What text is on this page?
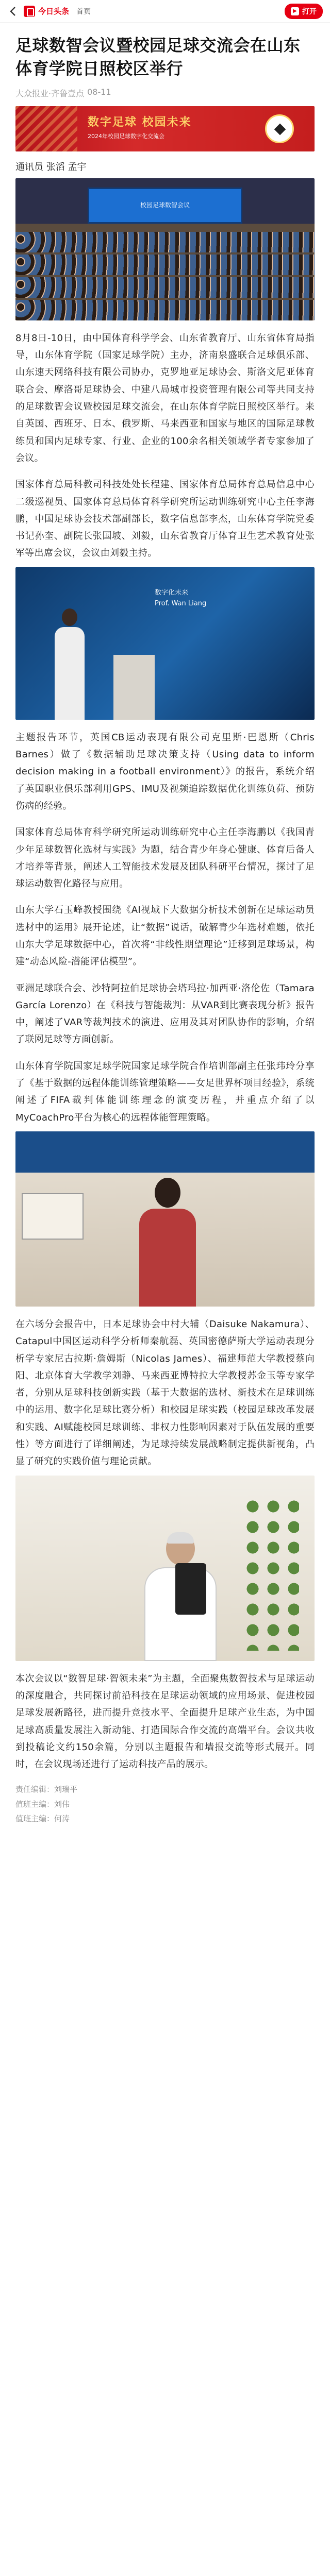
今日头条 首页	▶ 打开
足球数智会议暨校园足球交流会在山东体育学院日照校区举行
大众报业·齐鲁壹点 08-11
数字足球 校园未来
2024年校园足球数字化交流会
通讯员 张滔 孟宇
校园足球数智会议

8月8日-10日，由中国体育科学学会、山东省教育厅、山东省体育局指导，山东体育学院（国家足球学院）主办，济南泉盛联合足球俱乐部、山东速天网络科技有限公司协办，克罗地亚足球协会、斯洛文尼亚体育联合会、摩洛哥足球协会、中建八局城市投资管理有限公司等共同支持的足球数智会议暨校园足球交流会，在山东体育学院日照校区举行。来自英国、西班牙、日本、俄罗斯、马来西亚和国家与地区的国际足球教练员和国内足球专家、行业、企业的100余名相关领域学者专家参加了会议。

国家体育总局科教司科技处处长程建、国家体育总局体育总局信息中心二级巡视员、国家体育总局体育科学研究所运动训练研究中心主任李海鹏，中国足球协会技术部副部长，数字信息部李杰，山东体育学院党委书记孙奎、副院长张国坡、刘毅，山东省教育厅体育卫生艺术教育处张军等出席会议，会议由刘毅主持。

数字化未来
Prof. Wan Liang

主题报告环节，英国CB运动表现有限公司克里斯·巴恩斯（Chris Barnes）做了《数据辅助足球决策支持（Using data to inform decision making in a football environment）》的报告，系统介绍了英国职业俱乐部利用GPS、IMU及视频追踪数据优化训练负荷、预防伤病的经验。

国家体育总局体育科学研究所运动训练研究中心主任李海鹏以《我国青少年足球数智化选材与实践》为题，结合青少年身心健康、体育后备人才培养等背景，阐述人工智能技术发展及团队科研平台情况，探讨了足球运动数智化路径与应用。

山东大学石玉峰教授围绕《AI视域下大数据分析技术创新在足球运动员选材中的运用》展开论述，让“数据”说话，破解青少年选材难题，依托山东大学足球数据中心，首次将“非线性期望理论”迁移到足球场景，构建“动态风险-潜能评估模型”。

亚洲足球联合会、沙特阿拉伯足球协会塔玛拉·加西亚·洛伦佐（Tamara García Lorenzo）在《科技与智能裁判：从VAR到比赛表现分析》报告中，阐述了VAR等裁判技术的演进、应用及其对团队协作的影响，介绍了联网足球等方面创新。

山东体育学院国家足球学院国家足球学院合作培训部副主任张玮玲分享了《基于数据的远程体能训练管理策略——女足世界杯项目经验》，系统阐述了FIFA裁判体能训练理念的演变历程，并重点介绍了以MyCoachPro平台为核心的远程体能管理策略。

在六场分会报告中，日本足球协会中村大辅（Daisuke Nakamura）、Catapul中国区运动科学分析师秦航磊、英国密德萨斯大学运动表现分析学专家尼古拉斯·詹姆斯（Nicolas James）、福建师范大学教授蔡向阳、北京体育大学教学刘静、马来西亚博特拉大学教授苏金玉等专家学者，分别从足球科技创新实践（基于大数据的选材、新技术在足球训练中的运用、数字化足球比赛分析）和校园足球实践（校园足球改革发展和实践、AI赋能校园足球训练、非权力性影响因素对于队伍发展的重要性）等方面进行了详细阐述，为足球持续发展战略制定提供新视角，凸显了研究的实践价值与理论贡献。

本次会议以“数智足球·智领未来”为主题，全面聚焦数智技术与足球运动的深度融合，共同探讨前沿科技在足球运动领域的应用场景、促进校园足球发展新路径，进而提升竞技水平、全面提升足球产业生态，为中国足球高质量发展注入新动能、打造国际合作交流的高端平台。会议共收到投稿论文约150余篇，分别以主题报告和墙报交流等形式展开。同时，在会议现场还进行了运动科技产品的展示。

责任编辑：刘瑞平
值班主编：刘伟
值班主编：何涛
